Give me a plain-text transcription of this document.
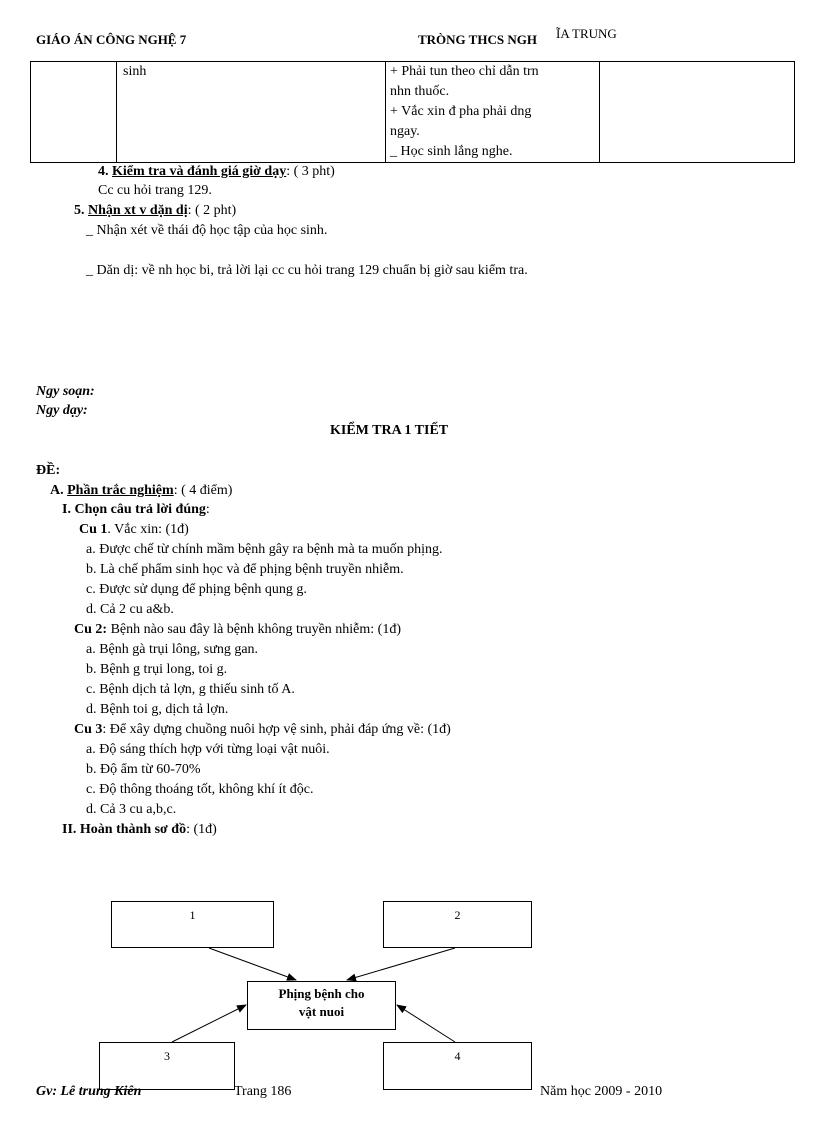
GIÁO ÁN CÔNG NGHỆ 7	TRÒNG THCS NGH ĨA TRUNG
	sinh	+ Phải tun theo chỉ dẫn trn
nhn thuốc.
+ Vắc xin đ pha phải dng
ngay.
_ Học sinh lắng nghe.

4. Kiểm tra và đánh giá giờ dạy: ( 3 pht)
Cc cu hỏi trang 129.
5. Nhận xt v dặn dị: ( 2 pht)
_ Nhận xét về thái độ học tập của học sinh.
_ Dăn dị: về nh học bi, trả lời lại cc cu hỏi trang 129 chuẩn bị giờ sau kiểm tra.
Ngy soạn:
Ngy dạy:
KIỂM TRA 1 TIẾT
ĐỀ:
A. Phần trắc nghiệm: ( 4 điểm)
I. Chọn câu trả lời đúng:
Cu 1. Vắc xin: (1đ)
a. Được chế từ chính mầm bệnh gây ra bệnh mà ta muốn phịng.
b. Là chế phẩm sinh học và để phịng bệnh truyền nhiễm.
c. Được sử dụng để phịng bệnh qung g.
d. Cả 2 cu a&b.
Cu 2: Bệnh nào sau đây là bệnh không truyền nhiễm: (1đ)
a. Bệnh gà trụi lông, sưng gan.
b. Bệnh g trụi long, toi g.
c. Bệnh dịch tả lợn, g thiếu sinh tố A.
d. Bệnh toi g, dịch tả lợn.
Cu 3: Để xây dựng chuồng nuôi hợp vệ sinh, phải đáp ứng về: (1đ)
a. Độ sáng thích hợp với từng loại vật nuôi.
b. Độ ẩm từ 60-70%
c. Độ thông thoáng tốt, không khí ít độc.
d. Cả 3 cu a,b,c.
II. Hoàn thành sơ đồ: (1đ)
1	2
Phịng bệnh cho
vật nuoi
3	4
Gv: Lê trung Kiên	Trang 186	Năm học 2009 - 2010
